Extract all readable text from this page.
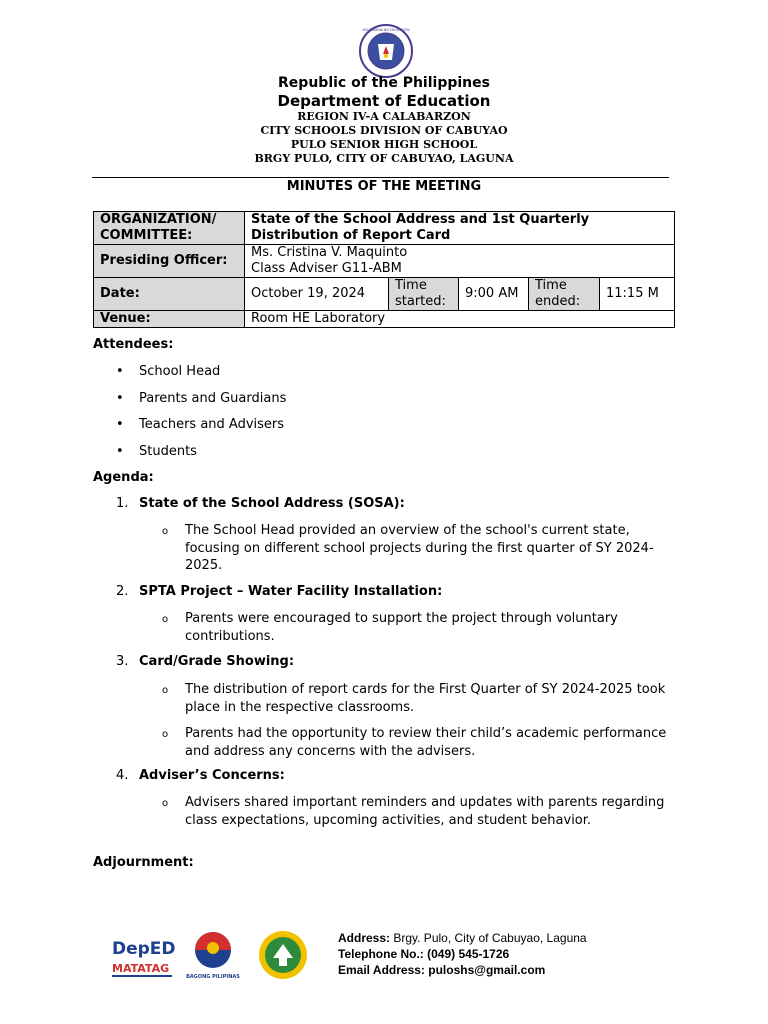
KAGAWARAN NG EDUKASYON
Republic of the Philippines
Department of Education
REGION IV-A CALABARZON
CITY SCHOOLS DIVISION OF CABUYAO
PULO SENIOR HIGH SCHOOL
BRGY PULO, CITY OF CABUYAO, LAGUNA
MINUTES OF THE MEETING
ORGANIZATION/ COMMITTEE:	State of the School Address and 1st Quarterly Distribution of Report Card				
Presiding Officer:	Ms. Cristina V. Maquinto
Class Adviser G11-ABM				

Date:	October 19, 2024	Time started:	9:00 AM	Time ended:	11:15 M
Venue:	Room HE Laboratory				
Attendees:
• School Head
• Parents and Guardians
• Teachers and Advisers
• Students
Agenda:
1. State of the School Address (SOSA):
o The School Head provided an overview of the school's current state, focusing on different school projects during the first quarter of SY 2024-2025.
2. SPTA Project – Water Facility Installation:
o Parents were encouraged to support the project through voluntary contributions.
3. Card/Grade Showing:
o The distribution of report cards for the First Quarter of SY 2024-2025 took place in the respective classrooms.
o Parents had the opportunity to review their child’s academic performance and address any concerns with the advisers.
4. Adviser’s Concerns:
o Advisers shared important reminders and updates with parents regarding class expectations, upcoming activities, and student behavior.
Adjournment:
DepED
MATATAG
BAGONG PILIPINAS
Address: Brgy. Pulo, City of Cabuyao, Laguna
Telephone No.: (049) 545-1726
Email Address: puloshs@gmail.com
